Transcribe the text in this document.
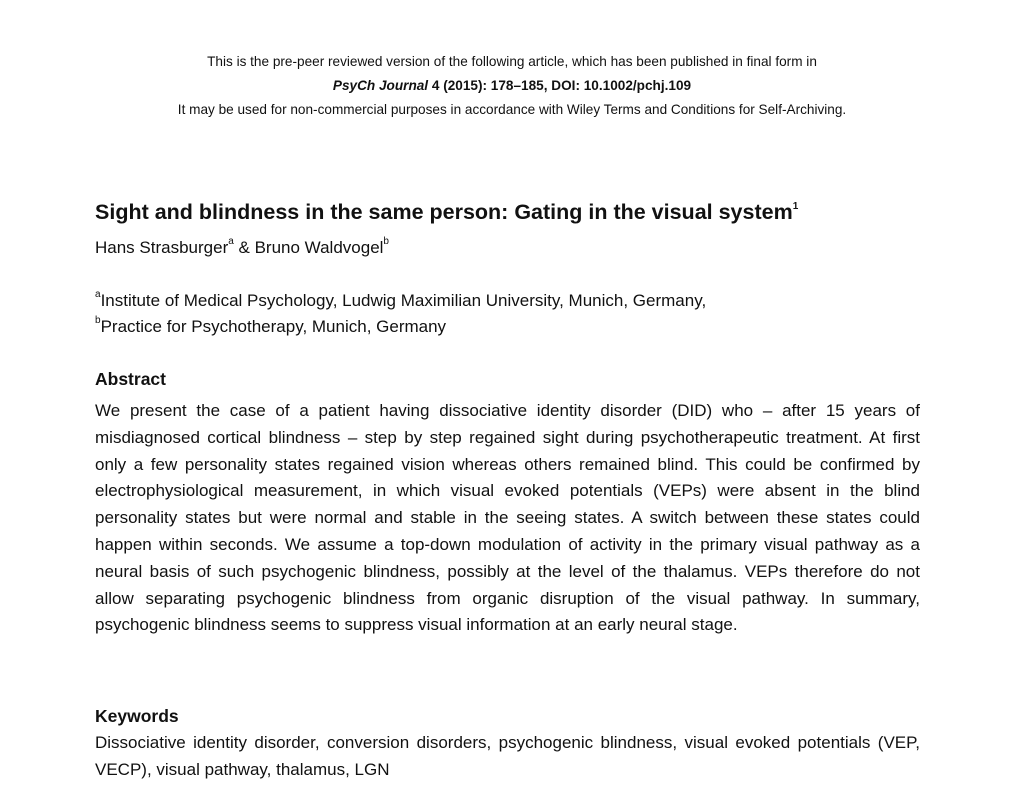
This is the pre-peer reviewed version of the following article, which has been published in final form in
PsyCh Journal 4 (2015): 178–185, DOI: 10.1002/pchj.109
It may be used for non-commercial purposes in accordance with Wiley Terms and Conditions for Self-Archiving.
Sight and blindness in the same person: Gating in the visual system$^1$
Hans Strasburger$^a$ & Bruno Waldvogel$^b$
$^a$Institute of Medical Psychology, Ludwig Maximilian University, Munich, Germany,
$^b$Practice for Psychotherapy, Munich, Germany
Abstract
We present the case of a patient having dissociative identity disorder (DID) who – after 15 years of misdiagnosed cortical blindness – step by step regained sight during psychotherapeutic treatment. At first only a few personality states regained vision whereas others remained blind. This could be confirmed by electrophysiological measurement, in which visual evoked potentials (VEPs) were absent in the blind personality states but were normal and stable in the seeing states. A switch between these states could happen within seconds. We assume a top-down modulation of activity in the primary visual pathway as a neural basis of such psychogenic blindness, possibly at the level of the thalamus. VEPs therefore do not allow separating psychogenic blindness from organic disruption of the visual pathway. In summary, psychogenic blindness seems to suppress visual information at an early neural stage.
Keywords
Dissociative identity disorder, conversion disorders, psychogenic blindness, visual evoked potentials (VEP, VECP), visual pathway, thalamus, LGN
